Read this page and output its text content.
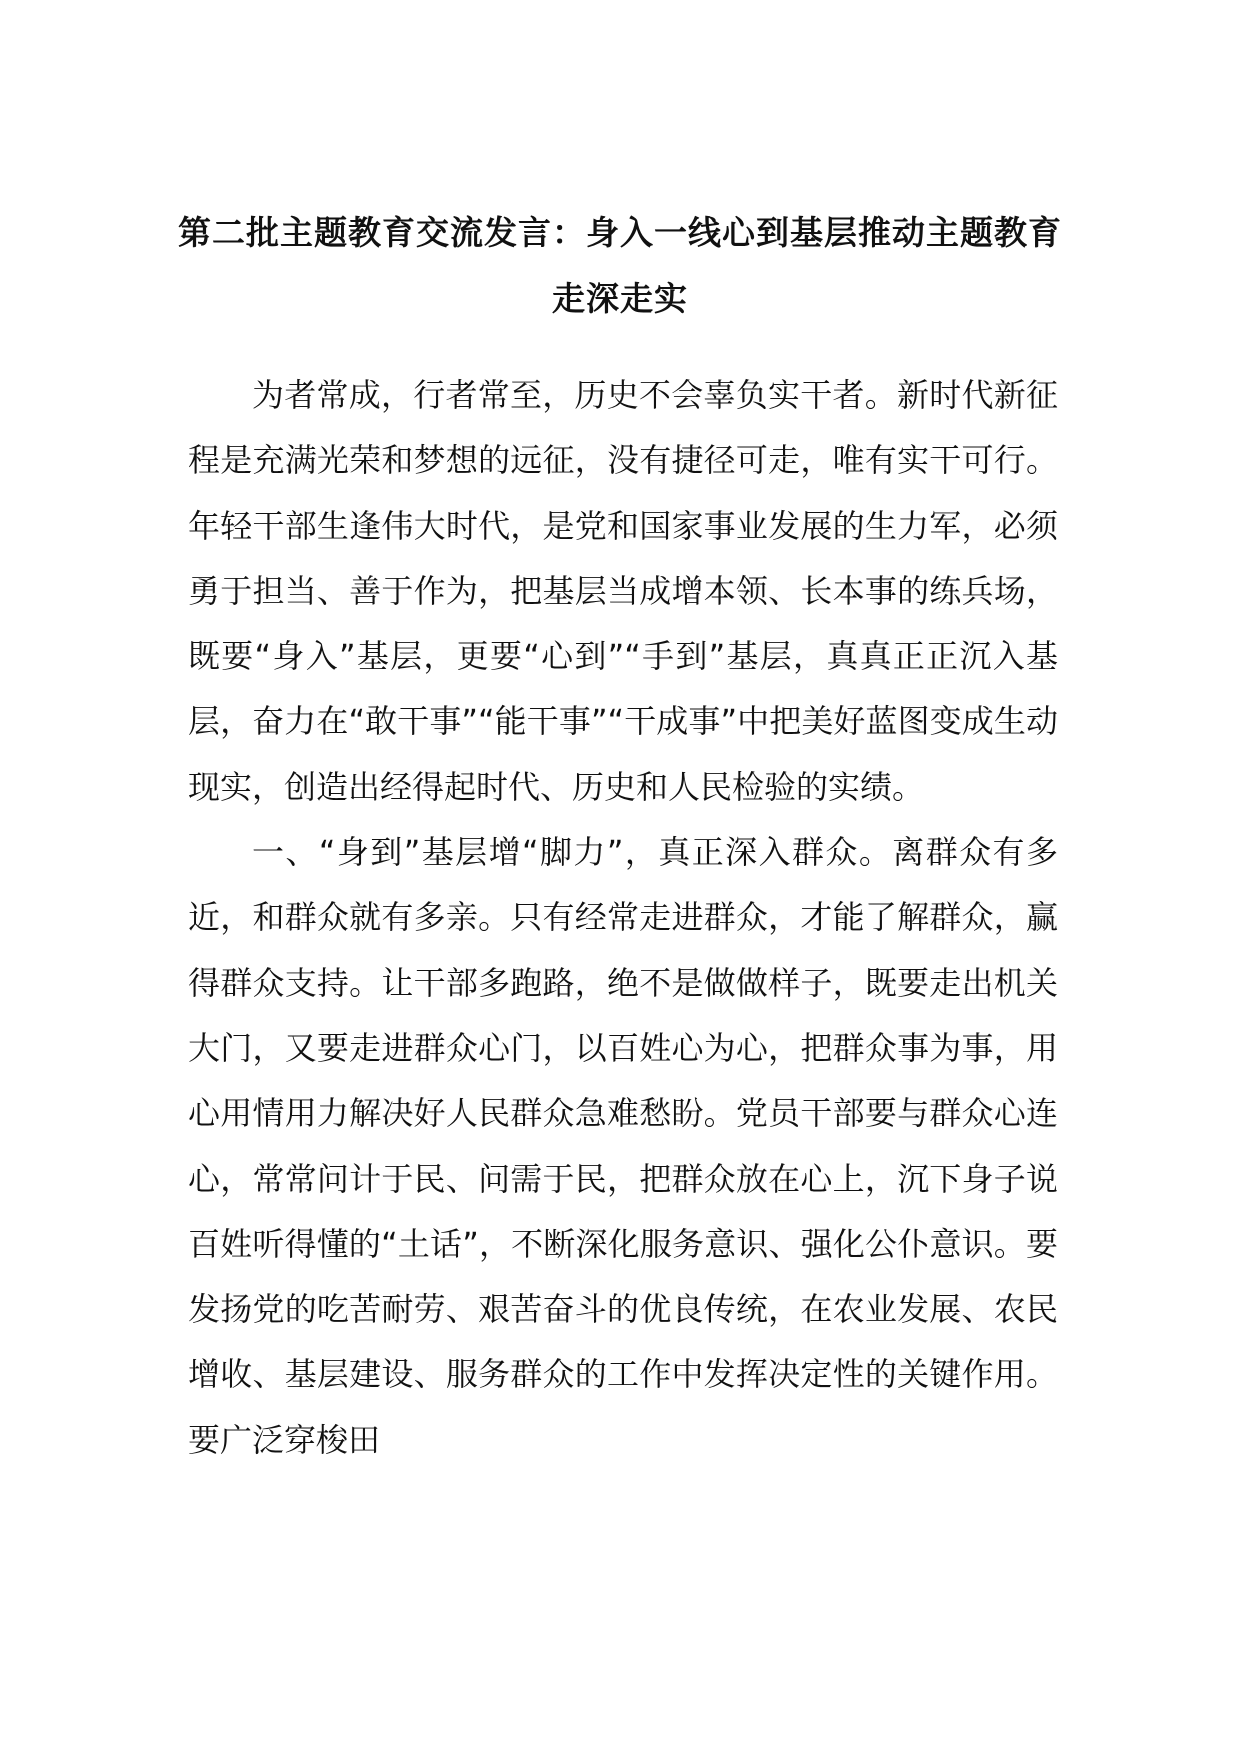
第二批主题教育交流发言：身入一线心到基层推动主题教育走深走实

为者常成，行者常至，历史不会辜负实干者。新时代新征程是充满光荣和梦想的远征，没有捷径可走，唯有实干可行。年轻干部生逢伟大时代，是党和国家事业发展的生力军，必须勇于担当、善于作为，把基层当成增本领、长本事的练兵场，既要“身入”基层，更要“心到”“手到”基层，真真正正沉入基层，奋力在“敢干事”“能干事”“干成事”中把美好蓝图变成生动现实，创造出经得起时代、历史和人民检验的实绩。

一、“身到”基层增“脚力”，真正深入群众。离群众有多近，和群众就有多亲。只有经常走进群众，才能了解群众，赢得群众支持。让干部多跑路，绝不是做做样子，既要走出机关大门，又要走进群众心门，以百姓心为心，把群众事为事，用心用情用力解决好人民群众急难愁盼。党员干部要与群众心连心，常常问计于民、问需于民，把群众放在心上，沉下身子说百姓听得懂的“土话”，不断深化服务意识、强化公仆意识。要发扬党的吃苦耐劳、艰苦奋斗的优良传统，在农业发展、农民增收、基层建设、服务群众的工作中发挥决定性的关键作用。要广泛穿梭田
